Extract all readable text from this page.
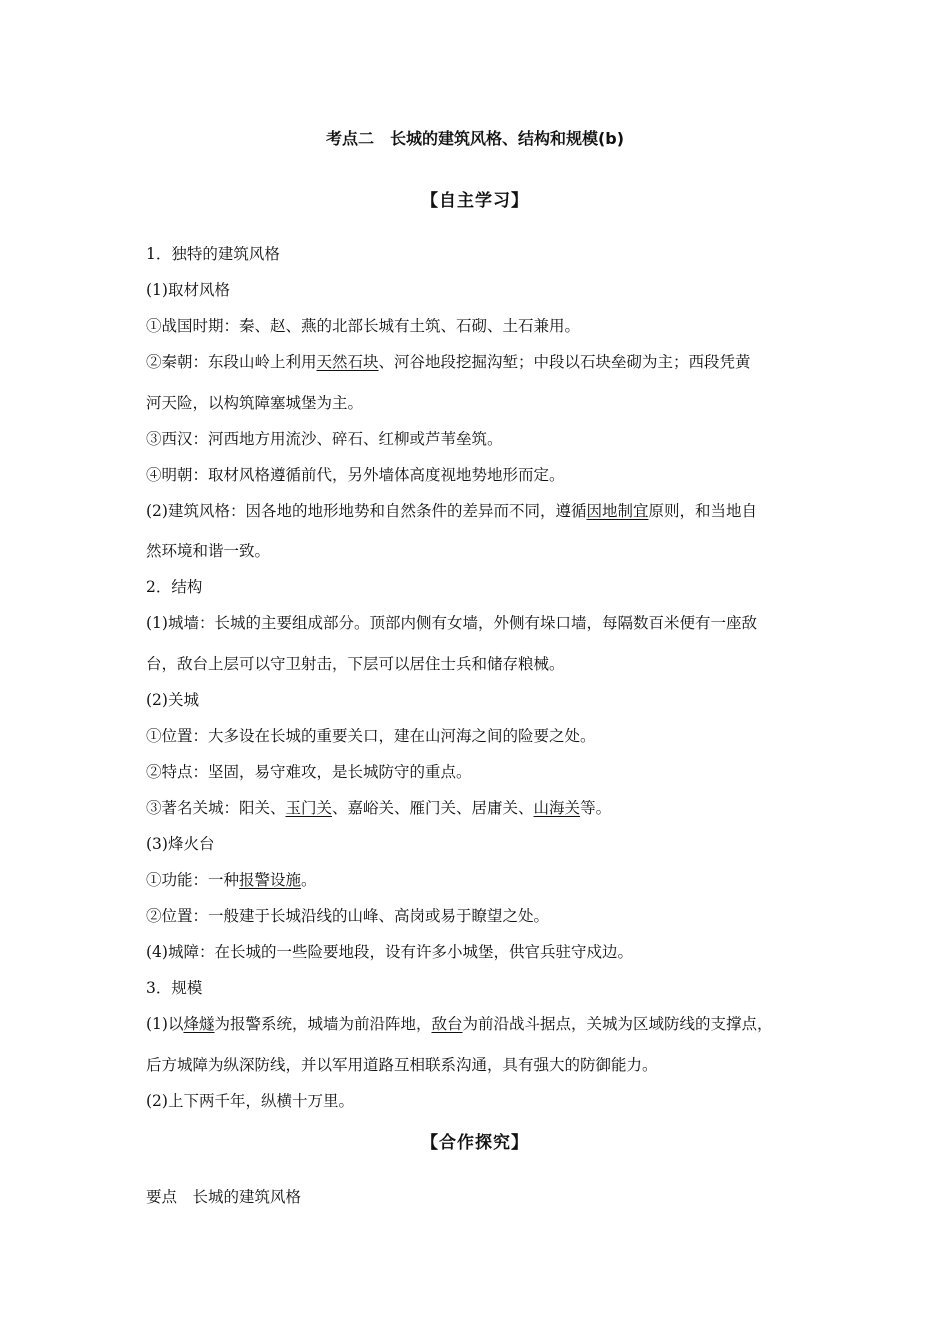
考点二　长城的建筑风格、结构和规模(b)
【自主学习】
1．独特的建筑风格
(1)取材风格
①战国时期：秦、赵、燕的北部长城有土筑、石砌、土石兼用。
②秦朝：东段山岭上利用天然石块、河谷地段挖掘沟堑；中段以石块垒砌为主；西段凭黄
河天险，以构筑障塞城堡为主。
③西汉：河西地方用流沙、碎石、红柳或芦苇垒筑。
④明朝：取材风格遵循前代，另外墙体高度视地势地形而定。
(2)建筑风格：因各地的地形地势和自然条件的差异而不同，遵循因地制宜原则，和当地自
然环境和谐一致。
2．结构
(1)城墙：长城的主要组成部分。顶部内侧有女墙，外侧有垛口墙，每隔数百米便有一座敌
台，敌台上层可以守卫射击，下层可以居住士兵和储存粮械。
(2)关城
①位置：大多设在长城的重要关口，建在山河海之间的险要之处。
②特点：坚固，易守难攻，是长城防守的重点。
③著名关城：阳关、玉门关、嘉峪关、雁门关、居庸关、山海关等。
(3)烽火台
①功能：一种报警设施。
②位置：一般建于长城沿线的山峰、高岗或易于瞭望之处。
(4)城障：在长城的一些险要地段，设有许多小城堡，供官兵驻守戍边。
3．规模
(1)以烽燧为报警系统，城墙为前沿阵地，敌台为前沿战斗据点，关城为区域防线的支撑点，
后方城障为纵深防线，并以军用道路互相联系沟通，具有强大的防御能力。
(2)上下两千年，纵横十万里。
【合作探究】
要点　长城的建筑风格
